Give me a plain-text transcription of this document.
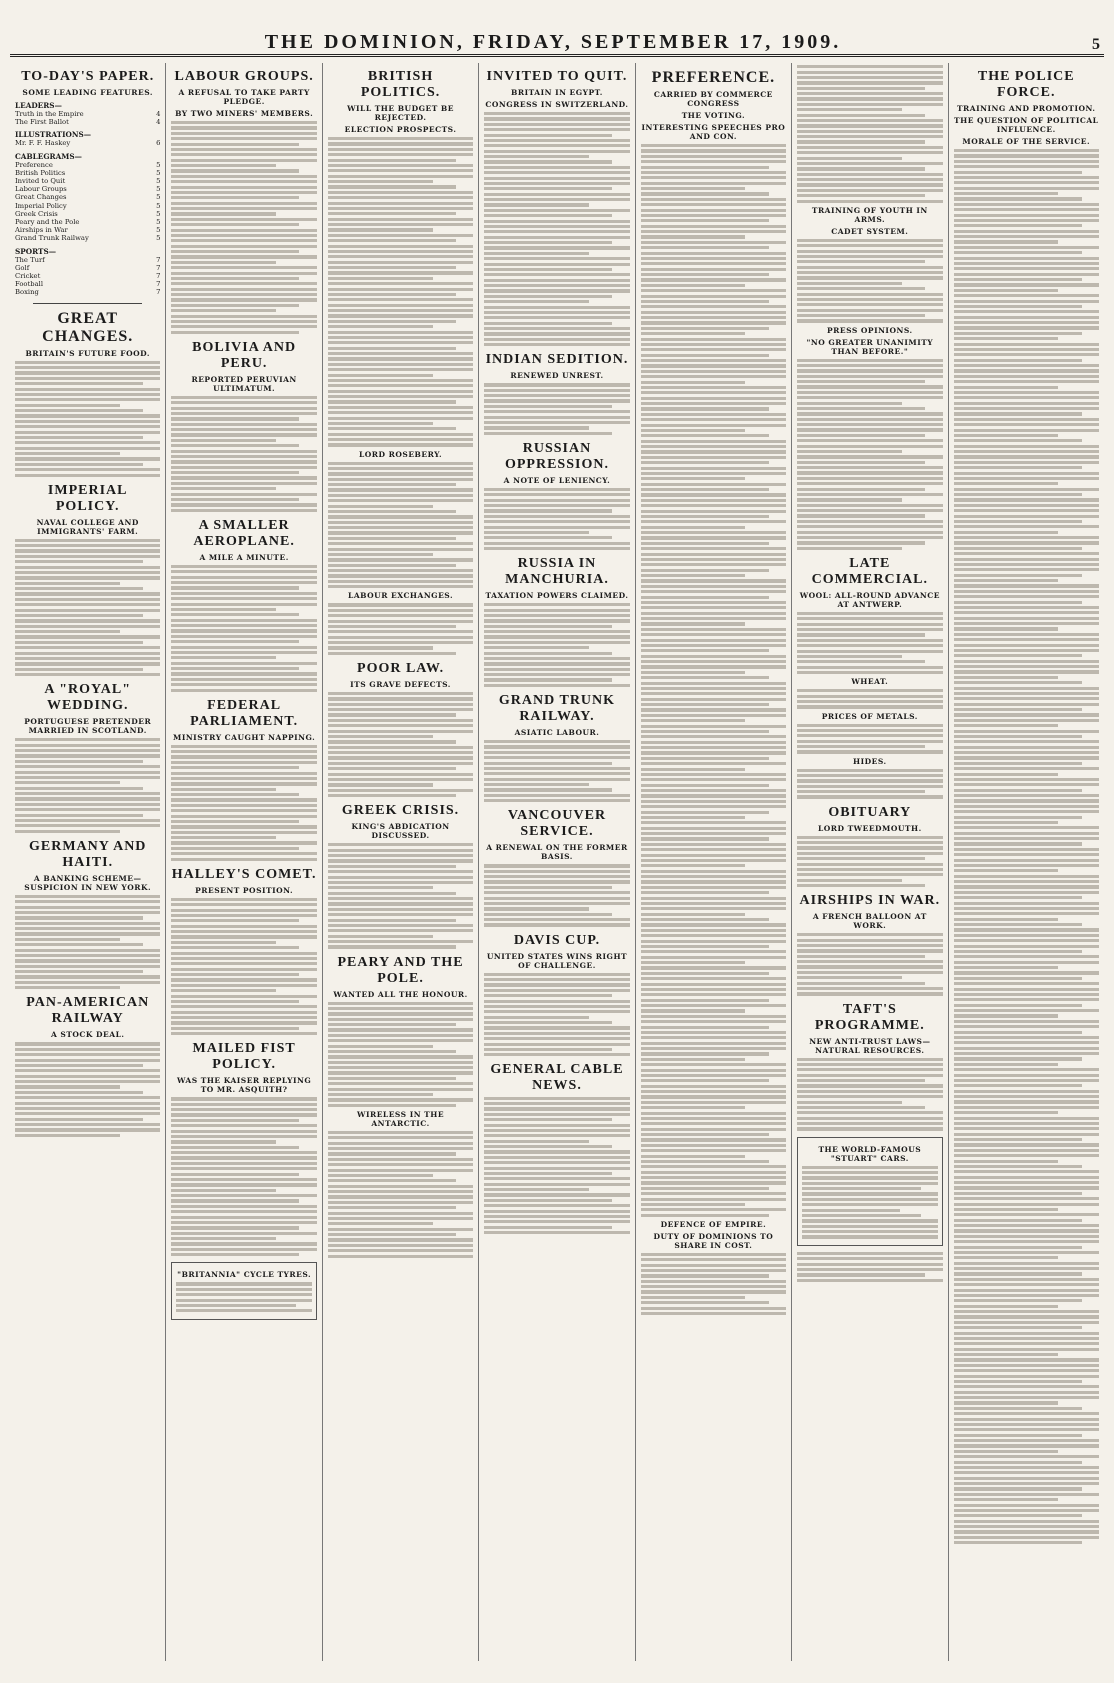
THE DOMINION, FRIDAY, SEPTEMBER 17, 1909.	5
TO-DAY'S PAPER.
SOME LEADING FEATURES.
LEADERS—
Truth in the Empire	4
The First Ballot	4
ILLUSTRATIONS—
Mr. F. F. Haskey	6
CABLEGRAMS—
Preference	5
British Politics	5
Invited to Quit	5
Labour Groups	5
Great Changes	5
Imperial Policy	5
Greek Crisis	5
Peary and the Pole	5
Airships in War	5
Grand Trunk Railway	5
SPORTS—
The Turf	7
Golf	7
Cricket	7
Football	7
Boxing	7
GREAT CHANGES.
BRITAIN'S FUTURE FOOD.
IMPERIAL POLICY.
NAVAL COLLEGE AND IMMIGRANTS' FARM.
A "ROYAL" WEDDING.
PORTUGUESE PRETENDER MARRIED IN SCOTLAND.
GERMANY AND HAITI.
A BANKING SCHEME—SUSPICION IN NEW YORK.
PAN-AMERICAN RAILWAY
A STOCK DEAL.
LABOUR GROUPS.
A REFUSAL TO TAKE PARTY PLEDGE.
BY TWO MINERS' MEMBERS.
BOLIVIA AND PERU.
REPORTED PERUVIAN ULTIMATUM.
A SMALLER AEROPLANE.
A MILE A MINUTE.
FEDERAL PARLIAMENT.
MINISTRY CAUGHT NAPPING.
HALLEY'S COMET.
PRESENT POSITION.
MAILED FIST POLICY.
WAS THE KAISER REPLYING TO MR. ASQUITH?
"BRITANNIA" CYCLE TYRES.
BRITISH POLITICS.
WILL THE BUDGET BE REJECTED.
ELECTION PROSPECTS.
LORD ROSEBERY.
LABOUR EXCHANGES.
POOR LAW.
ITS GRAVE DEFECTS.
GREEK CRISIS.
KING'S ABDICATION DISCUSSED.
PEARY AND THE POLE.
WANTED ALL THE HONOUR.
WIRELESS IN THE ANTARCTIC.
INVITED TO QUIT.
BRITAIN IN EGYPT.
CONGRESS IN SWITZERLAND.
INDIAN SEDITION.
RENEWED UNREST.
RUSSIAN OPPRESSION.
A NOTE OF LENIENCY.
RUSSIA IN MANCHURIA.
TAXATION POWERS CLAIMED.
GRAND TRUNK RAILWAY.
ASIATIC LABOUR.
VANCOUVER SERVICE.
A RENEWAL ON THE FORMER BASIS.
DAVIS CUP.
UNITED STATES WINS RIGHT OF CHALLENGE.
GENERAL CABLE NEWS.
PREFERENCE.
CARRIED BY COMMERCE CONGRESS
THE VOTING.
INTERESTING SPEECHES PRO AND CON.
DEFENCE OF EMPIRE.
DUTY OF DOMINIONS TO SHARE IN COST.
TRAINING OF YOUTH IN ARMS.
CADET SYSTEM.
PRESS OPINIONS.
"NO GREATER UNANIMITY THAN BEFORE."
LATE COMMERCIAL.
WOOL: ALL-ROUND ADVANCE AT ANTWERP.
WHEAT.
PRICES OF METALS.
HIDES.
OBITUARY
LORD TWEEDMOUTH.
AIRSHIPS IN WAR.
A FRENCH BALLOON AT WORK.
TAFT'S PROGRAMME.
NEW ANTI-TRUST LAWS—NATURAL RESOURCES.
THE WORLD-FAMOUS "STUART" CARS.
THE POLICE FORCE.
TRAINING AND PROMOTION.
THE QUESTION OF POLITICAL INFLUENCE.
MORALE OF THE SERVICE.
